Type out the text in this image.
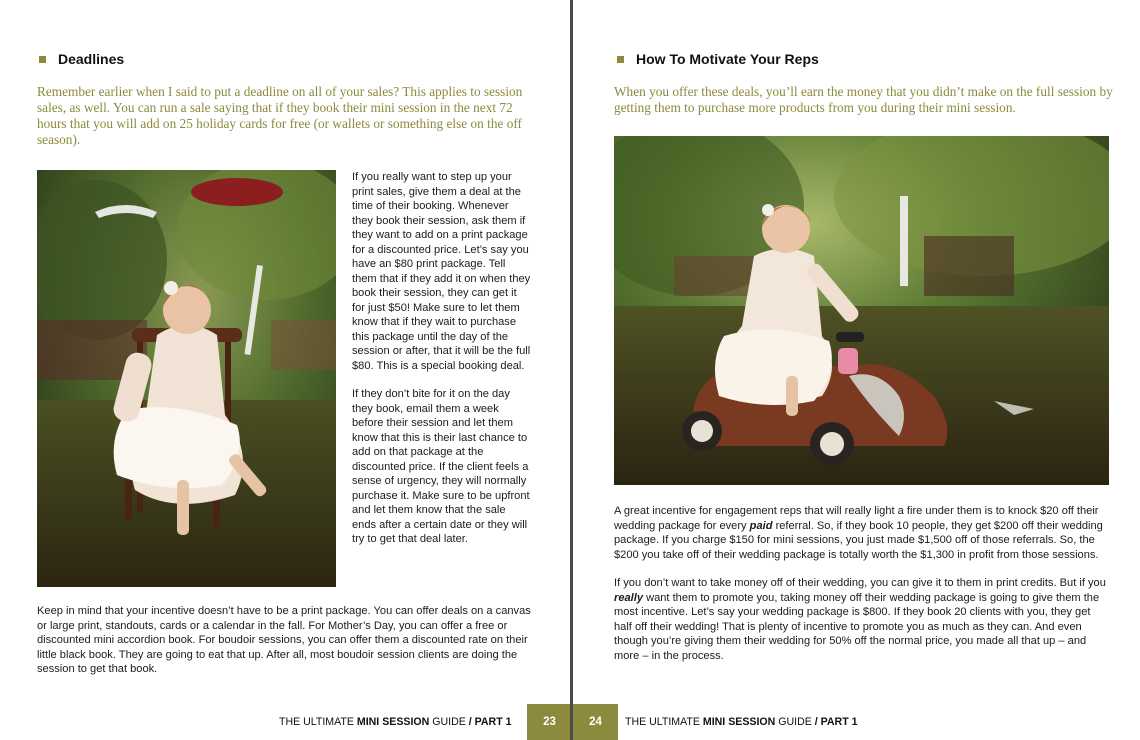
Deadlines

Remember earlier when I said to put a deadline on all of your sales? This applies to session sales, as well. You can run a sale saying that if they book their mini session in the next 72 hours that you will add on 25 holiday cards for free (or wallets or something else on the off season).

If you really want to step up your print sales, give them a deal at the time of their booking. Whenever they book their session, ask them if they want to add on a print package for a discounted price. Let’s say you have an $80 print package. Tell them that if they add it on when they book their session, they can get it for just $50! Make sure to let them know that if they wait to purchase this package until the day of the session or after, that it will be the full $80. This is a special booking deal.

If they don’t bite for it on the day they book, email them a week before their session and let them know that this is their last chance to add on that package at the discounted price. If the client feels a sense of urgency, they will normally purchase it. Make sure to be upfront and let them know that the sale ends after a certain date or they will try to get that deal later.

Keep in mind that your incentive doesn’t have to be a print package. You can offer deals on a canvas or large print, standouts, cards or a calendar in the fall. For Mother’s Day, you can offer a free or discounted mini accordion book. For boudoir sessions, you can offer them a discounted rate on their little black book. They are going to eat that up. After all, most boudoir session clients are doing the session to get that book.

THE ULTIMATE MINI SESSION GUIDE / PART 1	23
How To Motivate Your Reps

When you offer these deals, you’ll earn the money that you didn’t make on the full session by getting them to purchase more products from you during their mini session.

A great incentive for engagement reps that will really light a fire under them is to knock $20 off their wedding package for every paid referral. So, if they book 10 people, they get $200 off their wedding package. If you charge $150 for mini sessions, you just made $1,500 off of those referrals. So, the $200 you take off of their wedding package is totally worth the $1,300 in profit from those sessions.

If you don’t want to take money off of their wedding, you can give it to them in print credits. But if you really want them to promote you, taking money off their wedding package is going to give them the most incentive. Let’s say your wedding package is $800. If they book 20 clients with you, they get half off their wedding! That is plenty of incentive to promote you as much as they can. And even though you’re giving them their wedding for 50% off the normal price, you made all that up – and more – in the process.

24	THE ULTIMATE MINI SESSION GUIDE / PART 1
